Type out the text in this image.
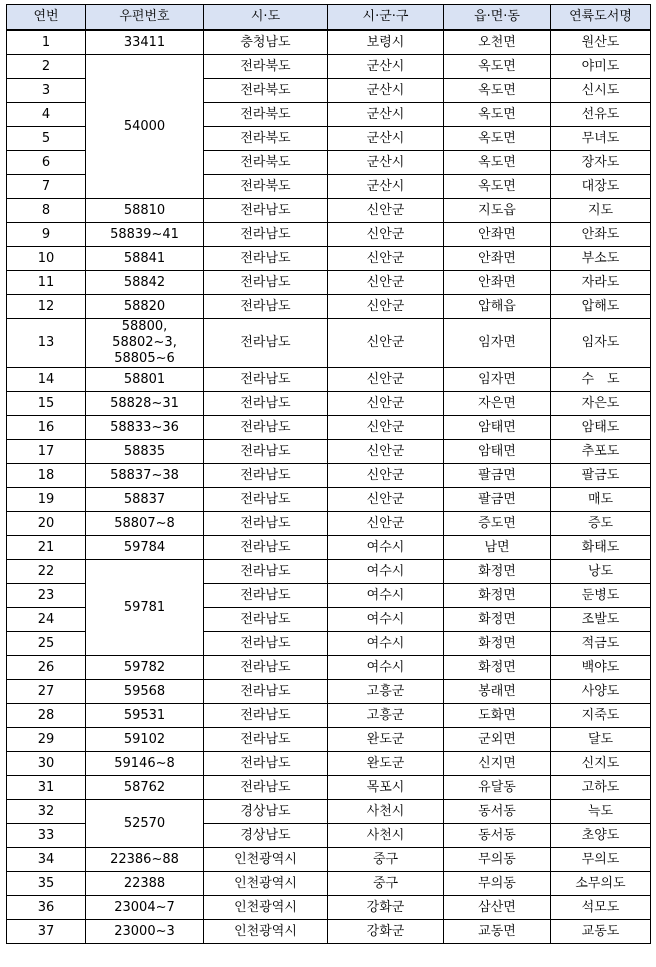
연번	우편번호	시·도	시·군·구	읍·면·동	연륙도서명
1	33411	충청남도	보령시	오천면	원산도
2	54000	전라북도	군산시	옥도면	야미도
3		전라북도	군산시	옥도면	신시도
4		전라북도	군산시	옥도면	선유도
5		전라북도	군산시	옥도면	무녀도
6		전라북도	군산시	옥도면	장자도
7		전라북도	군산시	옥도면	대장도
8	58810	전라남도	신안군	지도읍	지도
9	58839~41	전라남도	신안군	안좌면	안좌도
10	58841	전라남도	신안군	안좌면	부소도
11	58842	전라남도	신안군	안좌면	자라도
12	58820	전라남도	신안군	압해읍	압해도
13	58800, 58802~3, 58805~6	전라남도	신안군	임자면	임자도
14	58801	전라남도	신안군	임자면	수　도
15	58828~31	전라남도	신안군	자은면	자은도
16	58833~36	전라남도	신안군	암태면	암태도
17	58835	전라남도	신안군	암태면	추포도
18	58837~38	전라남도	신안군	팔금면	팔금도
19	58837	전라남도	신안군	팔금면	매도
20	58807~8	전라남도	신안군	증도면	증도
21	59784	전라남도	여수시	남면	화태도
22	59781	전라남도	여수시	화정면	낭도
23		전라남도	여수시	화정면	둔병도
24		전라남도	여수시	화정면	조발도
25		전라남도	여수시	화정면	적금도
26	59782	전라남도	여수시	화정면	백야도
27	59568	전라남도	고흥군	봉래면	사양도
28	59531	전라남도	고흥군	도화면	지죽도
29	59102	전라남도	완도군	군외면	달도
30	59146~8	전라남도	완도군	신지면	신지도
31	58762	전라남도	목포시	유달동	고하도
32	52570	경상남도	사천시	동서동	늑도
33		경상남도	사천시	동서동	초양도
34	22386~88	인천광역시	중구	무의동	무의도
35	22388	인천광역시	중구	무의동	소무의도
36	23004~7	인천광역시	강화군	삼산면	석모도
37	23000~3	인천광역시	강화군	교동면	교동도
